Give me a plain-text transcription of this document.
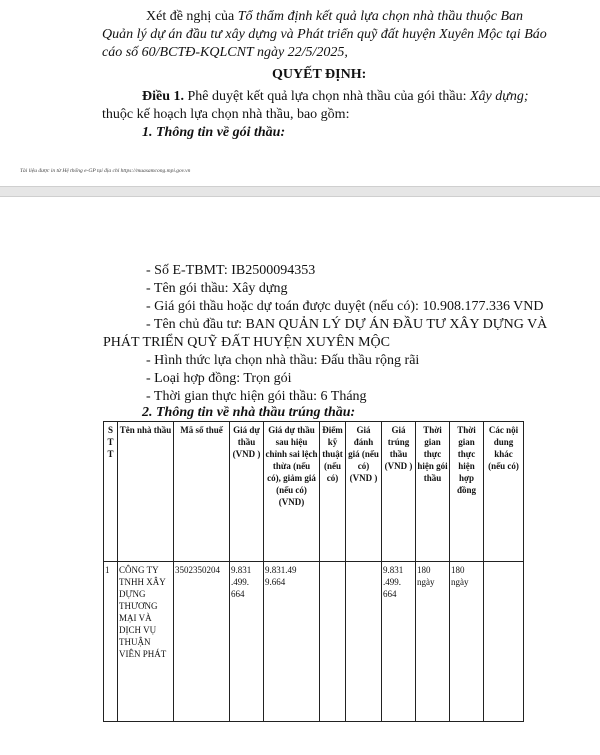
Xét đề nghị của Tổ thẩm định kết quả lựa chọn nhà thầu thuộc Ban
Quản lý dự án đầu tư xây dựng và Phát triển quỹ đất huyện Xuyên Mộc tại Báo
cáo số 60/BCTĐ-KQLCNT ngày 22/5/2025,
QUYẾT ĐỊNH:
Điều 1. Phê duyệt kết quả lựa chọn nhà thầu của gói thầu: Xây dựng;
thuộc kế hoạch lựa chọn nhà thầu, bao gồm:
1. Thông tin về gói thầu:
Tài liệu được in từ Hệ thống e-GP tại địa chỉ https://muasamcong.mpi.gov.vn
- Số E-TBMT: IB2500094353
- Tên gói thầu: Xây dựng
- Giá gói thầu hoặc dự toán được duyệt (nếu có): 10.908.177.336 VND
- Tên chủ đầu tư: BAN QUẢN LÝ DỰ ÁN ĐẦU TƯ XÂY DỰNG VÀ
PHÁT TRIỂN QUỸ ĐẤT HUYỆN XUYÊN MỘC
- Hình thức lựa chọn nhà thầu: Đấu thầu rộng rãi
- Loại hợp đồng: Trọn gói
- Thời gian thực hiện gói thầu: 6 Tháng
2. Thông tin về nhà thầu trúng thầu:
S T T	Tên nhà thầu	Mã số thuế	Giá dự thầu (VND )	Giá dự thầu sau hiệu chỉnh sai lệch thừa (nếu có), giảm giá (nếu có) (VND)	Điểm kỹ thuật (nếu có)	Giá đánh giá (nếu có) (VND )	Giá trúng thầu (VND )	Thời gian thực hiện gói thầu	Thời gian thực hiện hợp đồng	Các nội dung khác (nếu có)
1	CÔNG TY TNHH XÂY DỰNG THƯƠNG MẠI VÀ DỊCH VỤ THUẬN VIÊN PHÁT	3502350204	9.831 .499. 664	9.831.49 9.664			9.831 .499. 664	180 ngày	180 ngày	
